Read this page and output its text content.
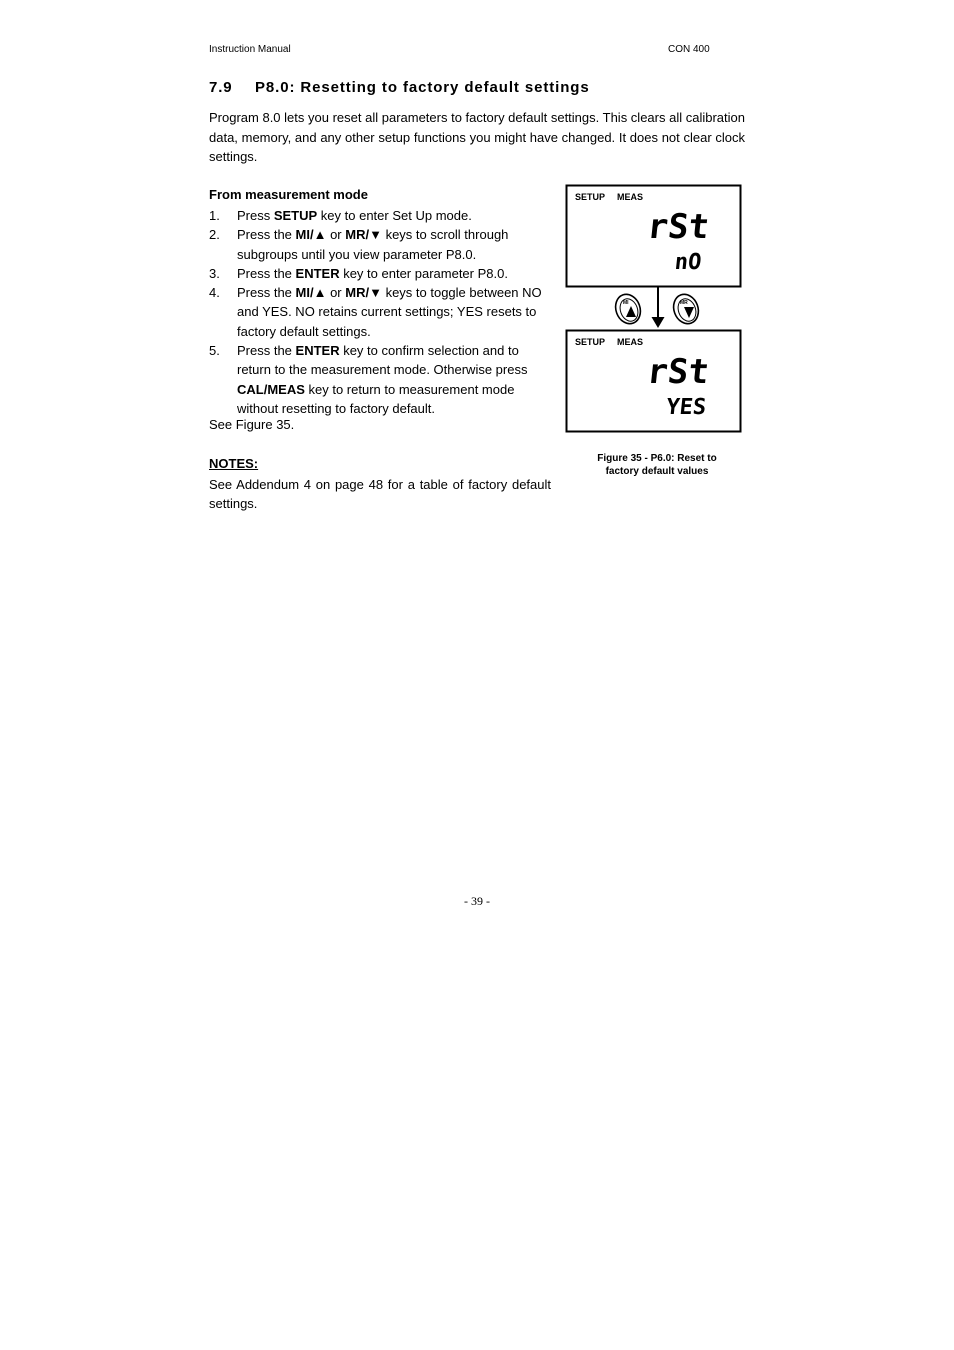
Instruction Manual	CON 400
7.9 P8.0: Resetting to factory default settings

Program 8.0 lets you reset all parameters to factory default settings. This clears all calibration data, memory, and any other setup functions you might have changed. It does not clear clock settings.

From measurement mode
1. Press SETUP key to enter Set Up mode.
2. Press the MI/▲ or MR/▼ keys to scroll through subgroups until you view parameter P8.0.
3. Press the ENTER key to enter parameter P8.0.
4. Press the MI/▲ or MR/▼ keys to toggle between NO and YES. NO retains current settings; YES resets to factory default settings.
5. Press the ENTER key to confirm selection and to return to the measurement mode. Otherwise press CAL/MEAS key to return to measurement mode without resetting to factory default.
See Figure 35.
NOTES:

See Addendum 4 on page 48 for a table of factory default settings.

SETUP MEAS
rSt
nO
MI	MR
SETUP MEAS
rSt
YES
Figure 35 - P6.0: Reset to
factory default values
- 39 -
